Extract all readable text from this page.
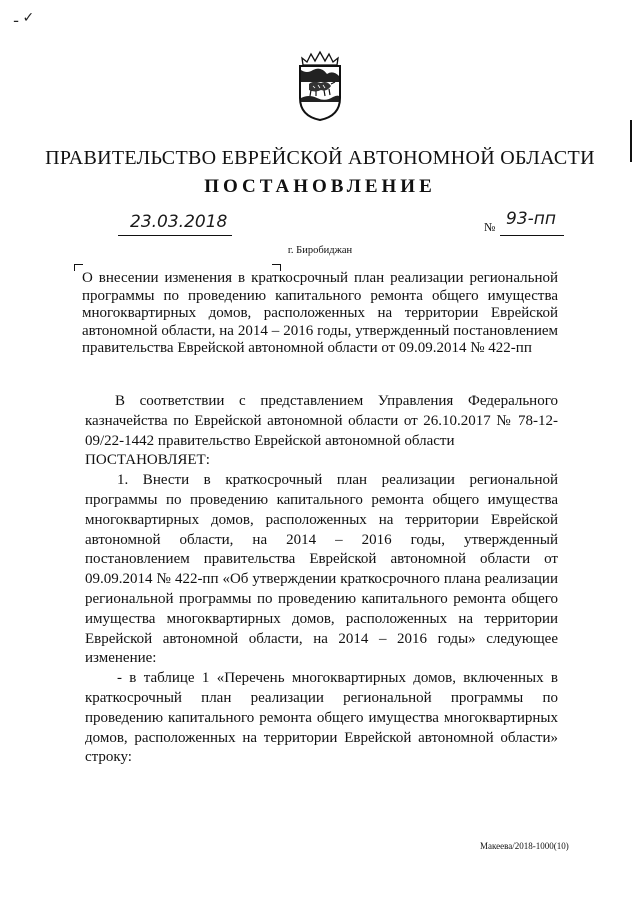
ـ ✓
ПРАВИТЕЛЬСТВО ЕВРЕЙСКОЙ АВТОНОМНОЙ ОБЛАСТИ
ПОСТАНОВЛЕНИЕ
23.03.2018	№ 93-пп
г. Биробиджан
О внесении изменения в краткосрочный план реализации региональной программы по проведению капитального ремонта общего имущества многоквартирных домов, расположенных на территории Еврейской автономной области, на 2014 – 2016 годы, утвержденный постановлением правительства Еврейской автономной области от 09.09.2014 № 422-пп

В соответствии с представлением Управления Федерального казначейства по Еврейской автономной области от 26.10.2017 № 78-12-09/22-1442 правительство Еврейской автономной области

ПОСТАНОВЛЯЕТ:

1. Внести в краткосрочный план реализации региональной программы по проведению капитального ремонта общего имущества многоквартирных домов, расположенных на территории Еврейской автономной области, на 2014 – 2016 годы, утвержденный постановлением правительства Еврейской автономной области от 09.09.2014 № 422-пп «Об утверждении краткосрочного плана реализации региональной программы по проведению капитального ремонта общего имущества многоквартирных домов, расположенных на территории Еврейской автономной области, на 2014 – 2016 годы» следующее изменение:

- в таблице 1 «Перечень многоквартирных домов, включенных в краткосрочный план реализации региональной программы по проведению капитального ремонта общего имущества многоквартирных домов, расположенных на территории Еврейской автономной области» строку:

Макеева/2018-1000(10)
